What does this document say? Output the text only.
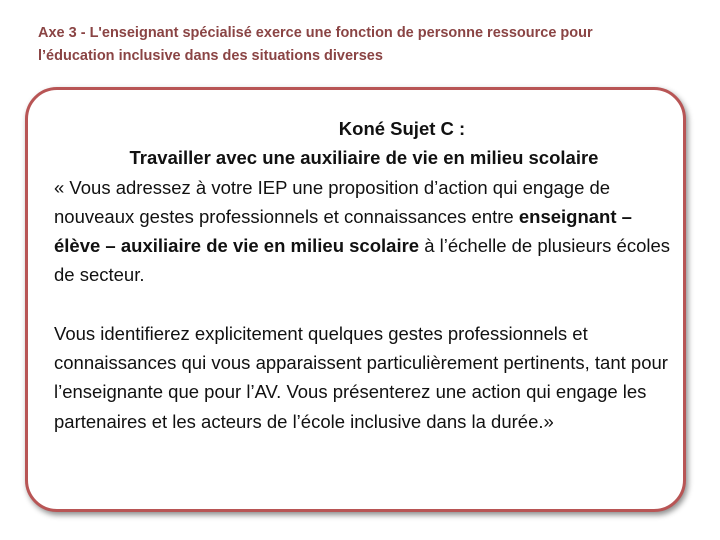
Axe 3 - L'enseignant spécialisé exerce une fonction de personne ressource pour
l’éducation inclusive dans des situations diverses
Koné Sujet C :
Travailler avec une auxiliaire de vie en milieu scolaire
« Vous adressez à votre IEP une proposition d’action qui engage de nouveaux gestes professionnels et connaissances entre enseignant – élève – auxiliaire de vie en milieu scolaire à l’échelle de plusieurs écoles de secteur.
Vous identifierez explicitement quelques gestes professionnels et connaissances qui vous apparaissent particulièrement pertinents, tant pour l’enseignante que pour l’AV. Vous présenterez une action qui engage les partenaires et les acteurs de l’école inclusive dans la durée.»
